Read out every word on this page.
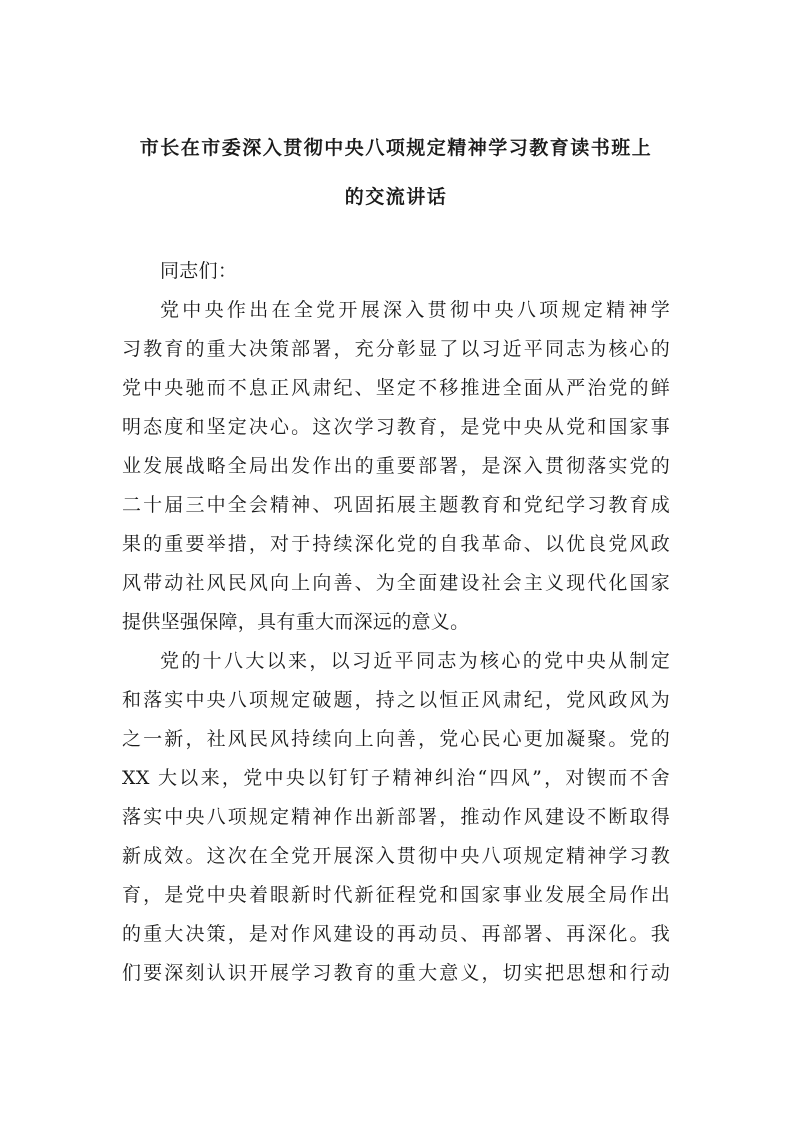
市长在市委深入贯彻中央八项规定精神学习教育读书班上
的交流讲话
同志们：
党中央作出在全党开展深入贯彻中央八项规定精神学
习教育的重大决策部署，充分彰显了以习近平同志为核心的
党中央驰而不息正风肃纪、坚定不移推进全面从严治党的鲜
明态度和坚定决心。这次学习教育，是党中央从党和国家事
业发展战略全局出发作出的重要部署，是深入贯彻落实党的
二十届三中全会精神、巩固拓展主题教育和党纪学习教育成
果的重要举措，对于持续深化党的自我革命、以优良党风政
风带动社风民风向上向善、为全面建设社会主义现代化国家
提供坚强保障，具有重大而深远的意义。
党的十八大以来，以习近平同志为核心的党中央从制定
和落实中央八项规定破题，持之以恒正风肃纪，党风政风为
之一新，社风民风持续向上向善，党心民心更加凝聚。党的
XX 大以来，党中央以钉钉子精神纠治“四风”，对锲而不舍
落实中央八项规定精神作出新部署，推动作风建设不断取得
新成效。这次在全党开展深入贯彻中央八项规定精神学习教
育，是党中央着眼新时代新征程党和国家事业发展全局作出
的重大决策，是对作风建设的再动员、再部署、再深化。我
们要深刻认识开展学习教育的重大意义，切实把思想和行动
